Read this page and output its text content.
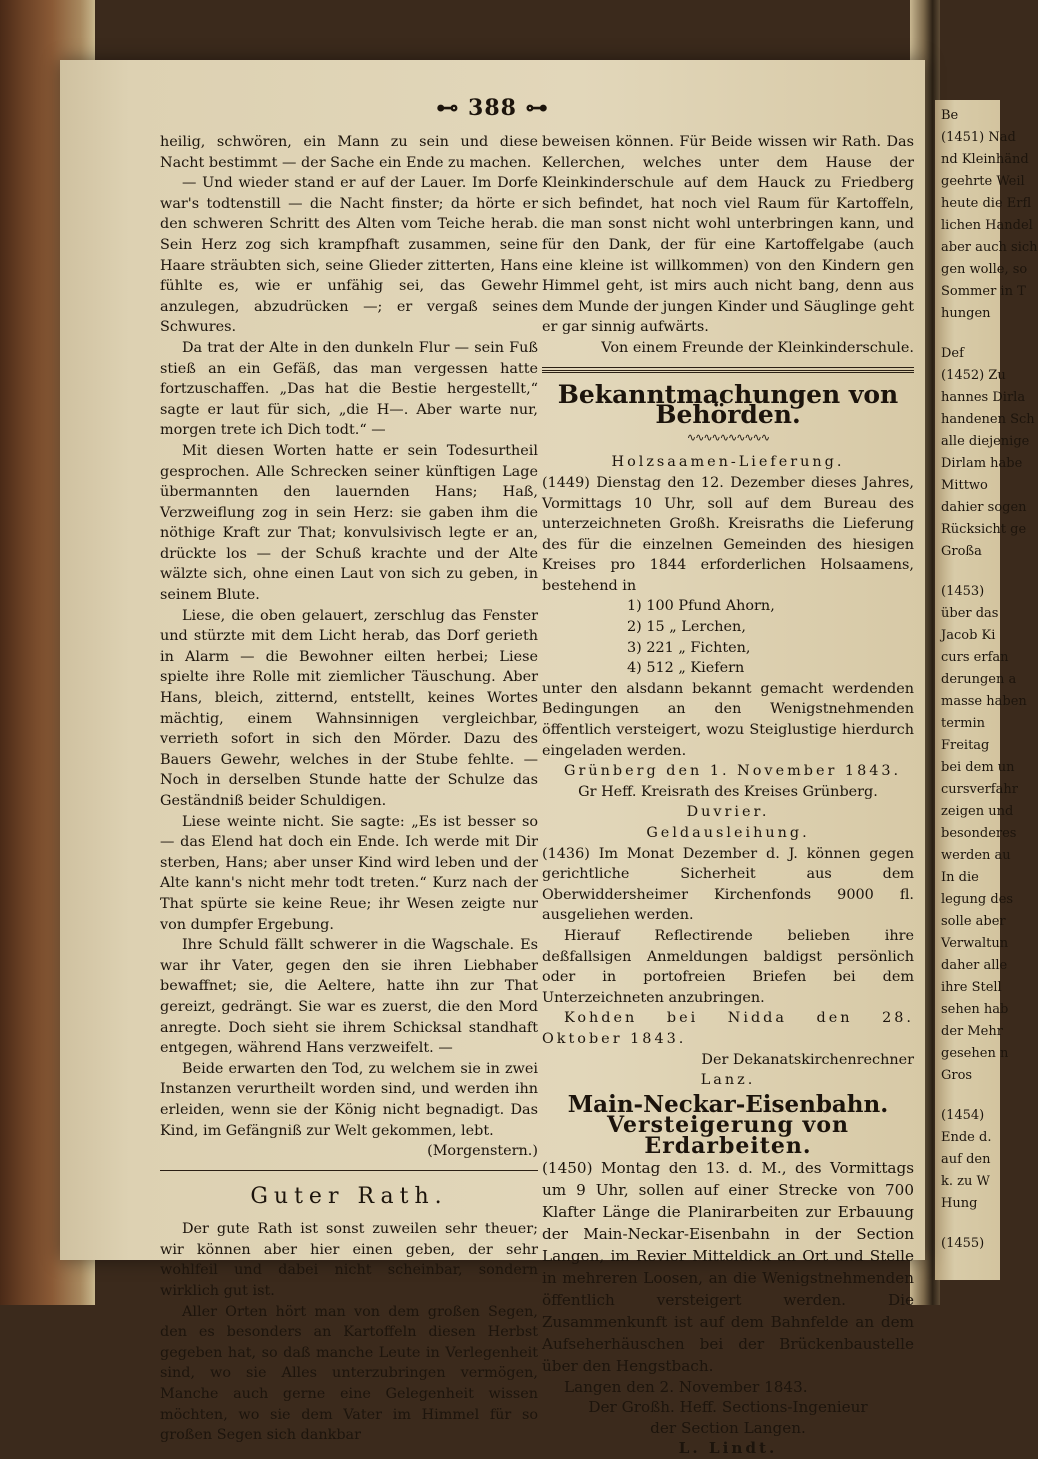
Be
(1451) Nad
nd Kleinhänd
geehrte Weil
heute die Erfl
lichen Handel
aber auch sich
gen wolle, so
Sommer in T
hungen
Def
(1452) Zu
hannes Dirla
handenen Sch
alle diejenige
Dirlam habe
Mittwo
dahier sogen
Rücksicht ge
Großa
(1453)
über das
Jacob Ki
curs erfan
derungen a
masse haben
termin
Freitag
bei dem un
cursverfahr
zeigen und
besonderes
werden au
In die
legung des
solle aber
Verwaltun
daher alle
ihre Stell
sehen hab
der Mehr
gesehen n
Gros
(1454)
Ende d.
auf den
k. zu W
Hung
(1455)
⊷ 388 ⊶

heilig, schwören, ein Mann zu sein und diese Nacht bestimmt — der Sache ein Ende zu machen.

— Und wieder stand er auf der Lauer. Im Dorfe war's todtenstill — die Nacht finster; da hörte er den schweren Schritt des Alten vom Teiche herab. Sein Herz zog sich krampfhaft zusammen, seine Haare sträubten sich, seine Glieder zitterten, Hans fühlte es, wie er unfähig sei, das Gewehr anzulegen, abzudrücken —; er vergaß seines Schwures.

Da trat der Alte in den dunkeln Flur — sein Fuß stieß an ein Gefäß, das man vergessen hatte fortzuschaffen. „Das hat die Bestie hergestellt,“ sagte er laut für sich, „die H—. Aber warte nur, morgen trete ich Dich todt.“ —

Mit diesen Worten hatte er sein Todesurtheil gesprochen. Alle Schrecken seiner künftigen Lage übermannten den lauernden Hans; Haß, Verzweiflung zog in sein Herz: sie gaben ihm die nöthige Kraft zur That; konvulsivisch legte er an, drückte los — der Schuß krachte und der Alte wälzte sich, ohne einen Laut von sich zu geben, in seinem Blute.

Liese, die oben gelauert, zerschlug das Fenster und stürzte mit dem Licht herab, das Dorf gerieth in Alarm — die Bewohner eilten herbei; Liese spielte ihre Rolle mit ziemlicher Täuschung. Aber Hans, bleich, zitternd, entstellt, keines Wortes mächtig, einem Wahnsinnigen vergleichbar, verrieth sofort in sich den Mörder. Dazu des Bauers Gewehr, welches in der Stube fehlte. — Noch in derselben Stunde hatte der Schulze das Geständniß beider Schuldigen.

Liese weinte nicht. Sie sagte: „Es ist besser so — das Elend hat doch ein Ende. Ich werde mit Dir sterben, Hans; aber unser Kind wird leben und der Alte kann's nicht mehr todt treten.“ Kurz nach der That spürte sie keine Reue; ihr Wesen zeigte nur von dumpfer Ergebung.

Ihre Schuld fällt schwerer in die Wagschale. Es war ihr Vater, gegen den sie ihren Liebhaber bewaffnet; sie, die Aeltere, hatte ihn zur That gereizt, gedrängt. Sie war es zuerst, die den Mord anregte. Doch sieht sie ihrem Schicksal standhaft entgegen, während Hans verzweifelt. —

Beide erwarten den Tod, zu welchem sie in zwei Instanzen verurtheilt worden sind, und werden ihn erleiden, wenn sie der König nicht begnadigt. Das Kind, im Gefängniß zur Welt gekommen, lebt.

(Morgenstern.)

Guter Rath.

Der gute Rath ist sonst zuweilen sehr theuer; wir können aber hier einen geben, der sehr wohlfeil und dabei nicht scheinbar, sondern wirklich gut ist.

Aller Orten hört man von dem großen Segen, den es besonders an Kartoffeln diesen Herbst gegeben hat, so daß manche Leute in Verlegenheit sind, wo sie Alles unterzubringen vermögen, Manche auch gerne eine Gelegenheit wissen möchten, wo sie dem Vater im Himmel für so großen Segen sich dankbar

beweisen können. Für Beide wissen wir Rath. Das Kellerchen, welches unter dem Hause der Kleinkinderschule auf dem Hauck zu Friedberg sich befindet, hat noch viel Raum für Kartoffeln, die man sonst nicht wohl unterbringen kann, und für den Dank, der für eine Kartoffelgabe (auch eine kleine ist willkommen) von den Kindern gen Himmel geht, ist mirs auch nicht bang, denn aus dem Munde der jungen Kinder und Säuglinge geht er gar sinnig aufwärts.

Von einem Freunde der Kleinkinderschule.

Bekanntmachungen von Behörden.
∿∿∿∿∿∿∿∿∿∿
Holzsaamen-Lieferung.

(1449) Dienstag den 12. Dezember dieses Jahres, Vormittags 10 Uhr, soll auf dem Bureau des unterzeichneten Großh. Kreisraths die Lieferung des für die einzelnen Gemeinden des hiesigen Kreises pro 1844 erforderlichen Holsaamens, bestehend in

1) 100 Pfund Ahorn,
2) 15 „ Lerchen,
3) 221 „ Fichten,
4) 512 „ Kiefern

unter den alsdann bekannt gemacht werdenden Bedingungen an den Wenigstnehmenden öffentlich versteigert, wozu Steiglustige hierdurch eingeladen werden.

Grünberg den 1. November 1843.

Gr Heff. Kreisrath des Kreises Grünberg.

Duvrier.

Geldausleihung.

(1436) Im Monat Dezember d. J. können gegen gerichtliche Sicherheit aus dem Oberwiddersheimer Kirchenfonds 9000 fl. ausgeliehen werden.

Hierauf Reflectirende belieben ihre deßfallsigen Anmeldungen baldigst persönlich oder in portofreien Briefen bei dem Unterzeichneten anzubringen.

Kohden bei Nidda den 28. Oktober 1843.

Der Dekanatskirchenrechner

Lanz.

Main-Neckar-Eisenbahn.
Versteigerung von Erdarbeiten.

(1450) Montag den 13. d. M., des Vormittags um 9 Uhr, sollen auf einer Strecke von 700 Klafter Länge die Planirarbeiten zur Erbauung der Main-Neckar-Eisenbahn in der Section Langen, im Revier Mitteldick an Ort und Stelle in mehreren Loosen, an die Wenigstnehmenden öffentlich versteigert werden. Die Zusammenkunft ist auf dem Bahnfelde an dem Aufseherhäuschen bei der Brückenbaustelle über den Hengstbach.

Langen den 2. November 1843.

Der Großh. Heff. Sections-Ingenieur

der Section Langen.

L. Lindt.
